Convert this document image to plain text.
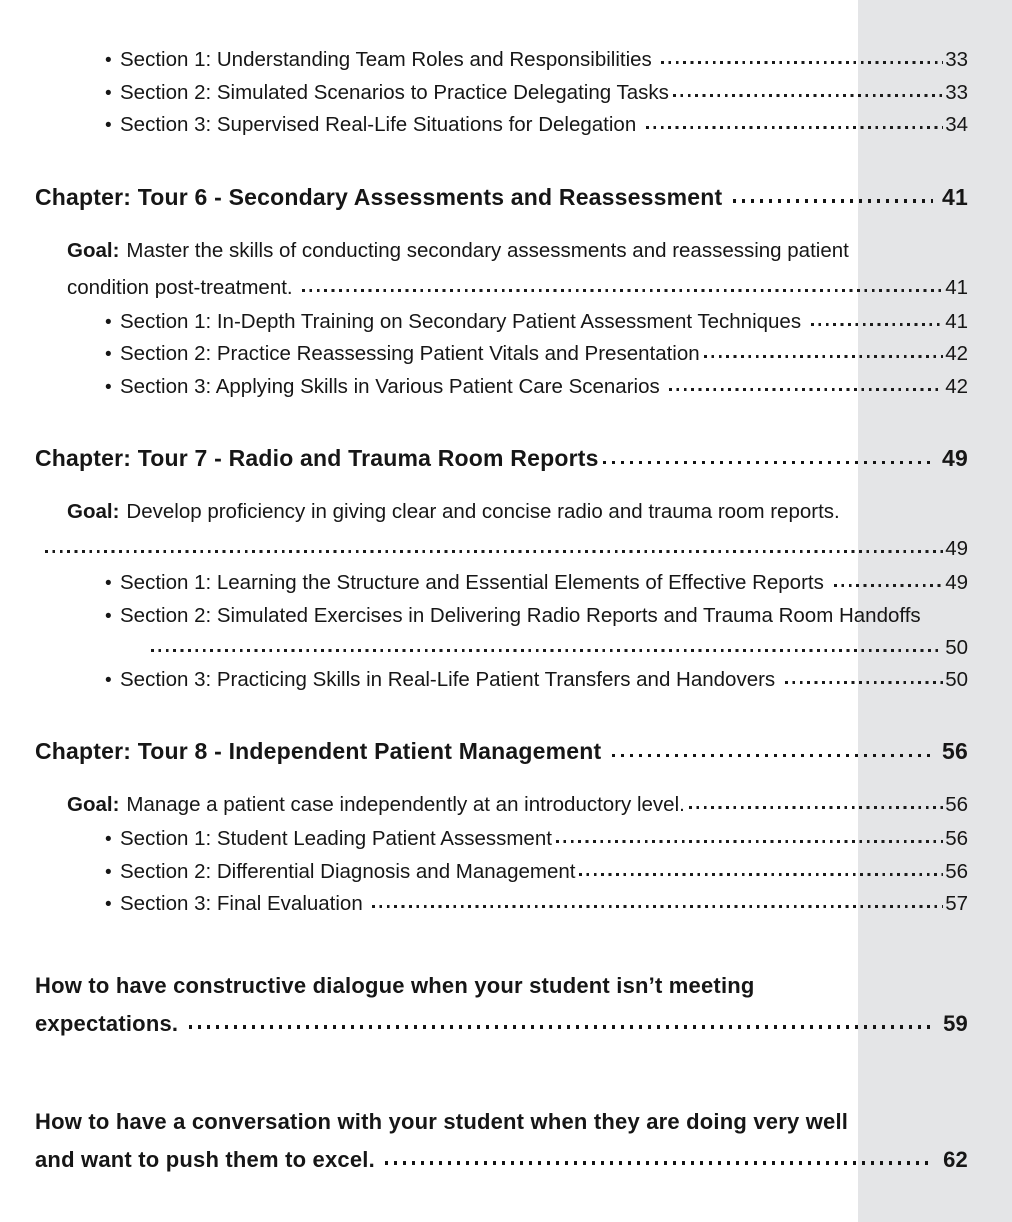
• Section 1: Understanding Team Roles and Responsibilities	33
• Section 2: Simulated Scenarios to Practice Delegating Tasks	33
• Section 3: Supervised Real-Life Situations for Delegation	34
Chapter: Tour 6 - Secondary Assessments and Reassessment	41
Goal: Master the skills of conducting secondary assessments and reassessing patient
condition post-treatment.	41
• Section 1: In-Depth Training on Secondary Patient Assessment Techniques	41
• Section 2: Practice Reassessing Patient Vitals and Presentation	42
• Section 3: Applying Skills in Various Patient Care Scenarios	42
Chapter: Tour 7 - Radio and Trauma Room Reports	49
Goal: Develop proficiency in giving clear and concise radio and trauma room reports.
49
• Section 1: Learning the Structure and Essential Elements of Effective Reports	49
• Section 2: Simulated Exercises in Delivering Radio Reports and Trauma Room Handoffs
50
• Section 3: Practicing Skills in Real-Life Patient Transfers and Handovers	50
Chapter: Tour 8 - Independent Patient Management	56
Goal: Manage a patient case independently at an introductory level.	56
• Section 1: Student Leading Patient Assessment	56
• Section 2: Differential Diagnosis and Management	56
• Section 3: Final Evaluation	57
How to have constructive dialogue when your student isn’t meeting
expectations.	59
How to have a conversation with your student when they are doing very well
and want to push them to excel.	62
